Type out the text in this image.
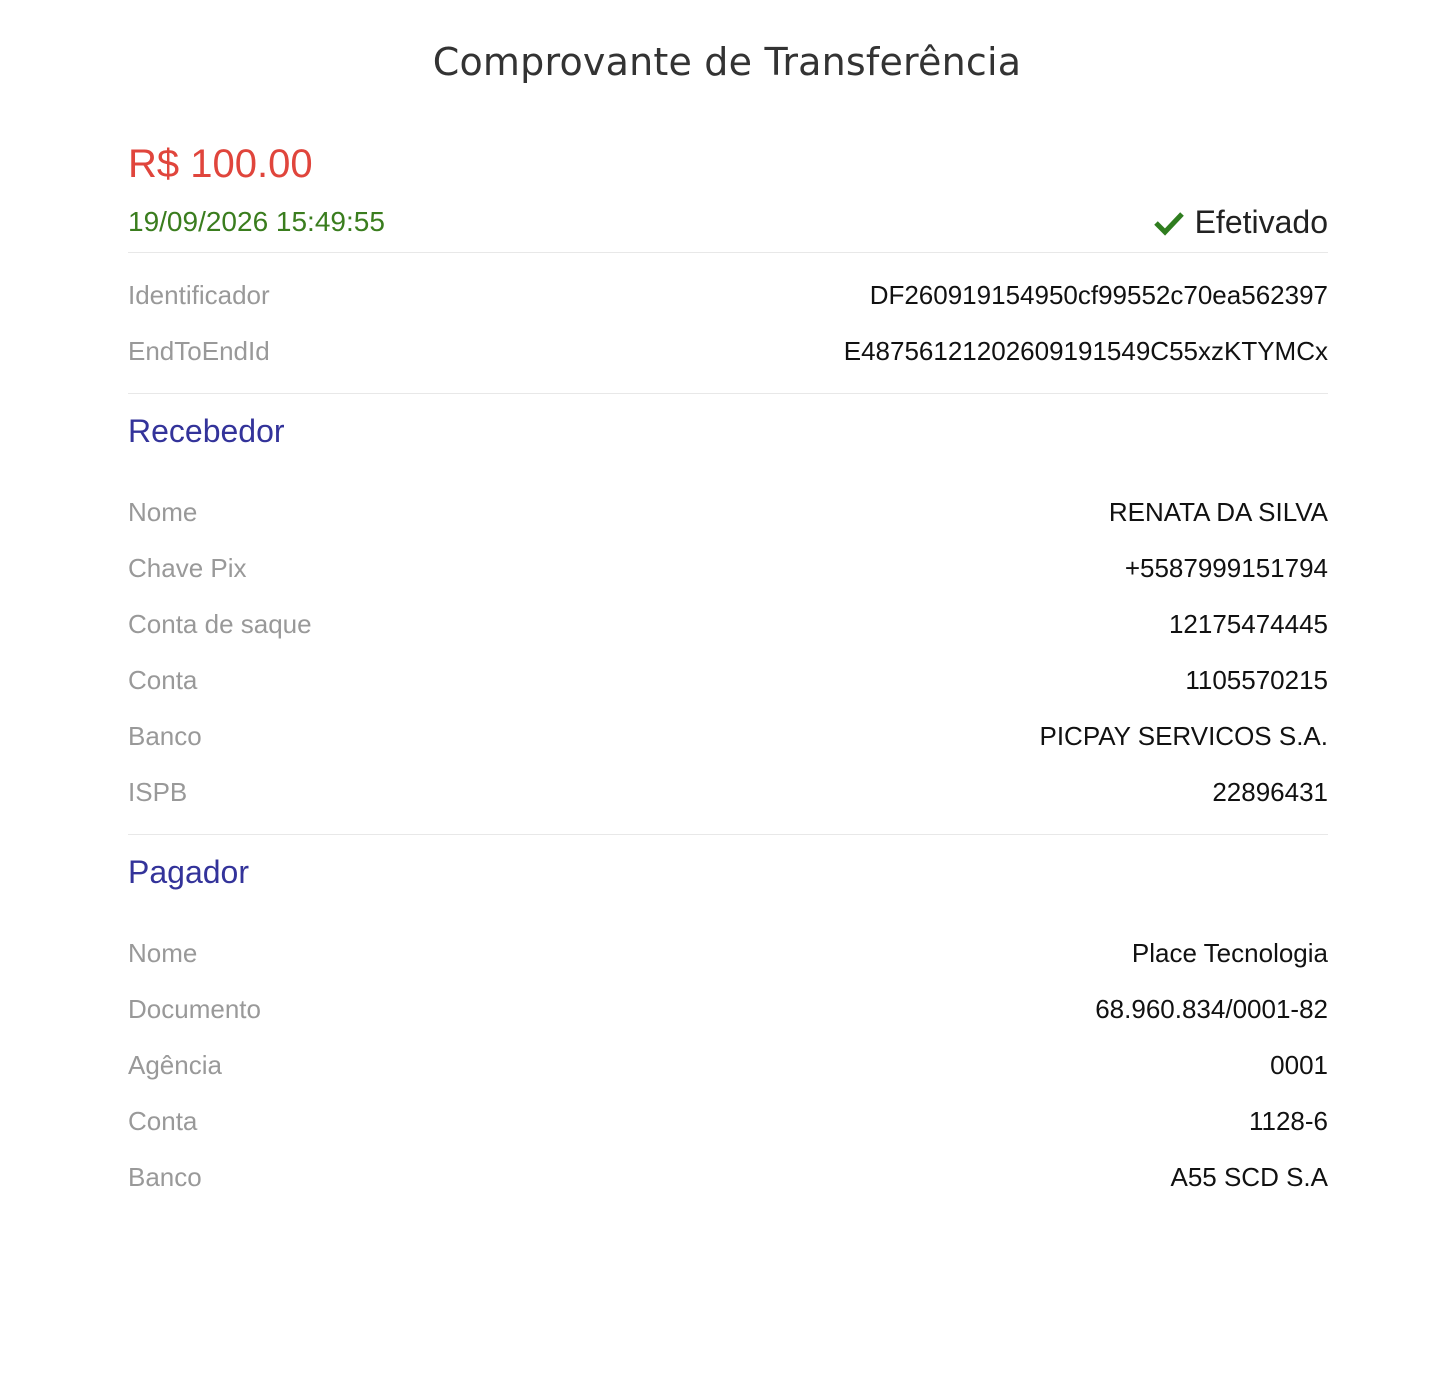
Comprovante de Transferência
R$ 100.00
19/09/2026 15:49:55	Efetivado
Identificador	DF260919154950cf99552c70ea562397
EndToEndId	E48756121202609191549C55xzKTYMCx
Recebedor
Nome	RENATA DA SILVA
Chave Pix	+5587999151794
Conta de saque	12175474445
Conta	1105570215
Banco	PICPAY SERVICOS S.A.
ISPB	22896431
Pagador
Nome	Place Tecnologia
Documento	68.960.834/0001-82
Agência	0001
Conta	1128-6
Banco	A55 SCD S.A
